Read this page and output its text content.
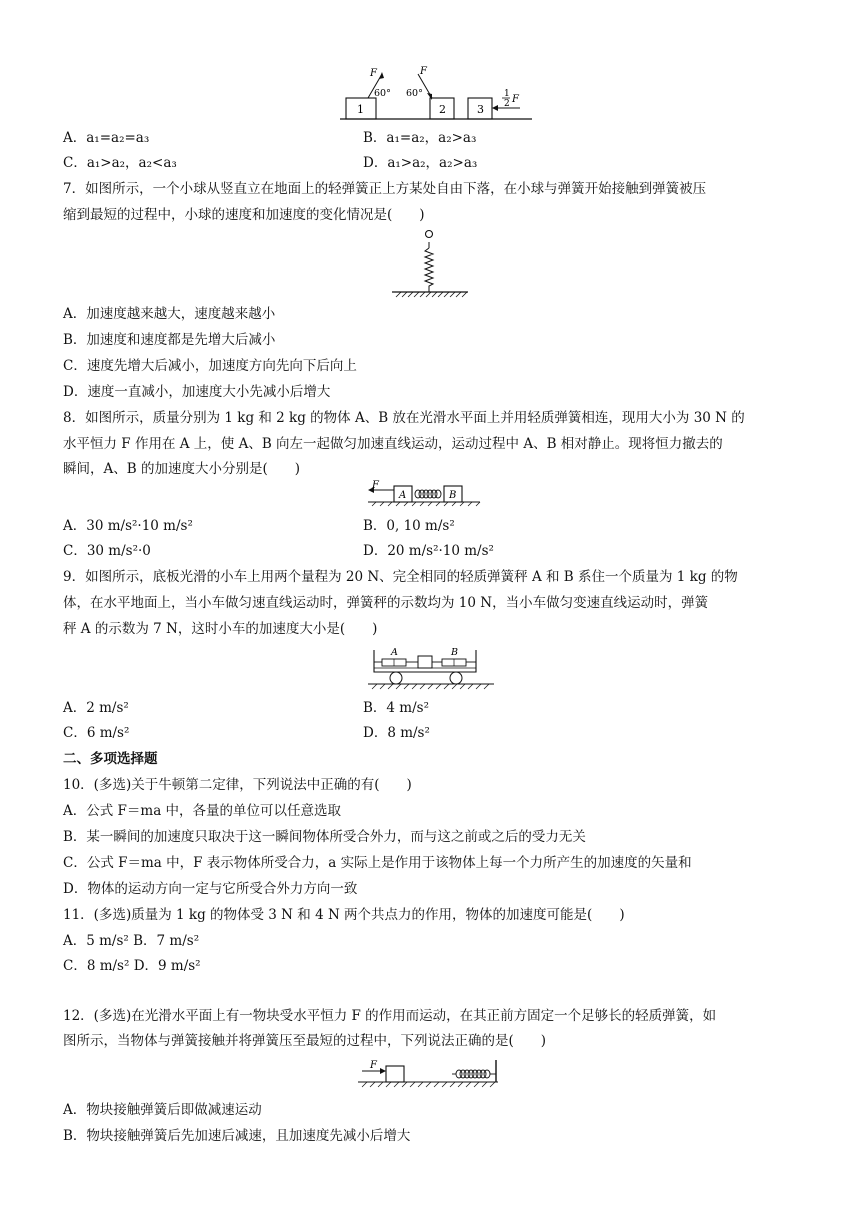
1
F
60°
2
F
60°
3
1
2 F
A．a₁=a₂=a₃	B．a₁=a₂，a₂>a₃
C．a₁>a₂，a₂<a₃	D．a₁>a₂，a₂>a₃
7．如图所示，一个小球从竖直立在地面上的轻弹簧正上方某处自由下落，在小球与弹簧开始接触到弹簧被压
缩到最短的过程中，小球的速度和加速度的变化情况是(　　)
A．加速度越来越大，速度越来越小
B．加速度和速度都是先增大后减小
C．速度先增大后减小，加速度方向先向下后向上
D．速度一直减小，加速度大小先减小后增大
8．如图所示，质量分别为 1 kg 和 2 kg 的物体 A、B 放在光滑水平面上并用轻质弹簧相连，现用大小为 30 N 的
水平恒力 F 作用在 A 上，使 A、B 向左一起做匀加速直线运动，运动过程中 A、B 相对静止。现将恒力撤去的
瞬间，A、B 的加速度大小分别是(　　)
F
A	B
A．30 m/s²·10 m/s²	B．0, 10 m/s²
C．30 m/s²·0	D．20 m/s²·10 m/s²
9．如图所示，底板光滑的小车上用两个量程为 20 N、完全相同的轻质弹簧秤 A 和 B 系住一个质量为 1 kg 的物
体，在水平地面上，当小车做匀速直线运动时，弹簧秤的示数均为 10 N，当小车做匀变速直线运动时，弹簧
秤 A 的示数为 7 N，这时小车的加速度大小是(　　)
A	B
A．2 m/s²	B．4 m/s²
C．6 m/s²	D．8 m/s²
二、多项选择题
10．(多选)关于牛顿第二定律，下列说法中正确的有(　　)
A．公式 F＝ma 中，各量的单位可以任意选取
B．某一瞬间的加速度只取决于这一瞬间物体所受合外力，而与这之前或之后的受力无关
C．公式 F＝ma 中，F 表示物体所受合力，a 实际上是作用于该物体上每一个力所产生的加速度的矢量和
D．物体的运动方向一定与它所受合外力方向一致
11．(多选)质量为 1 kg 的物体受 3 N 和 4 N 两个共点力的作用，物体的加速度可能是(　　)
A．5 m/s² B．7 m/s²
C．8 m/s² D．9 m/s²
12．(多选)在光滑水平面上有一物块受水平恒力 F 的作用而运动，在其正前方固定一个足够长的轻质弹簧，如
图所示，当物体与弹簧接触并将弹簧压至最短的过程中，下列说法正确的是(　　)
F
A．物块接触弹簧后即做减速运动
B．物块接触弹簧后先加速后减速，且加速度先减小后增大
